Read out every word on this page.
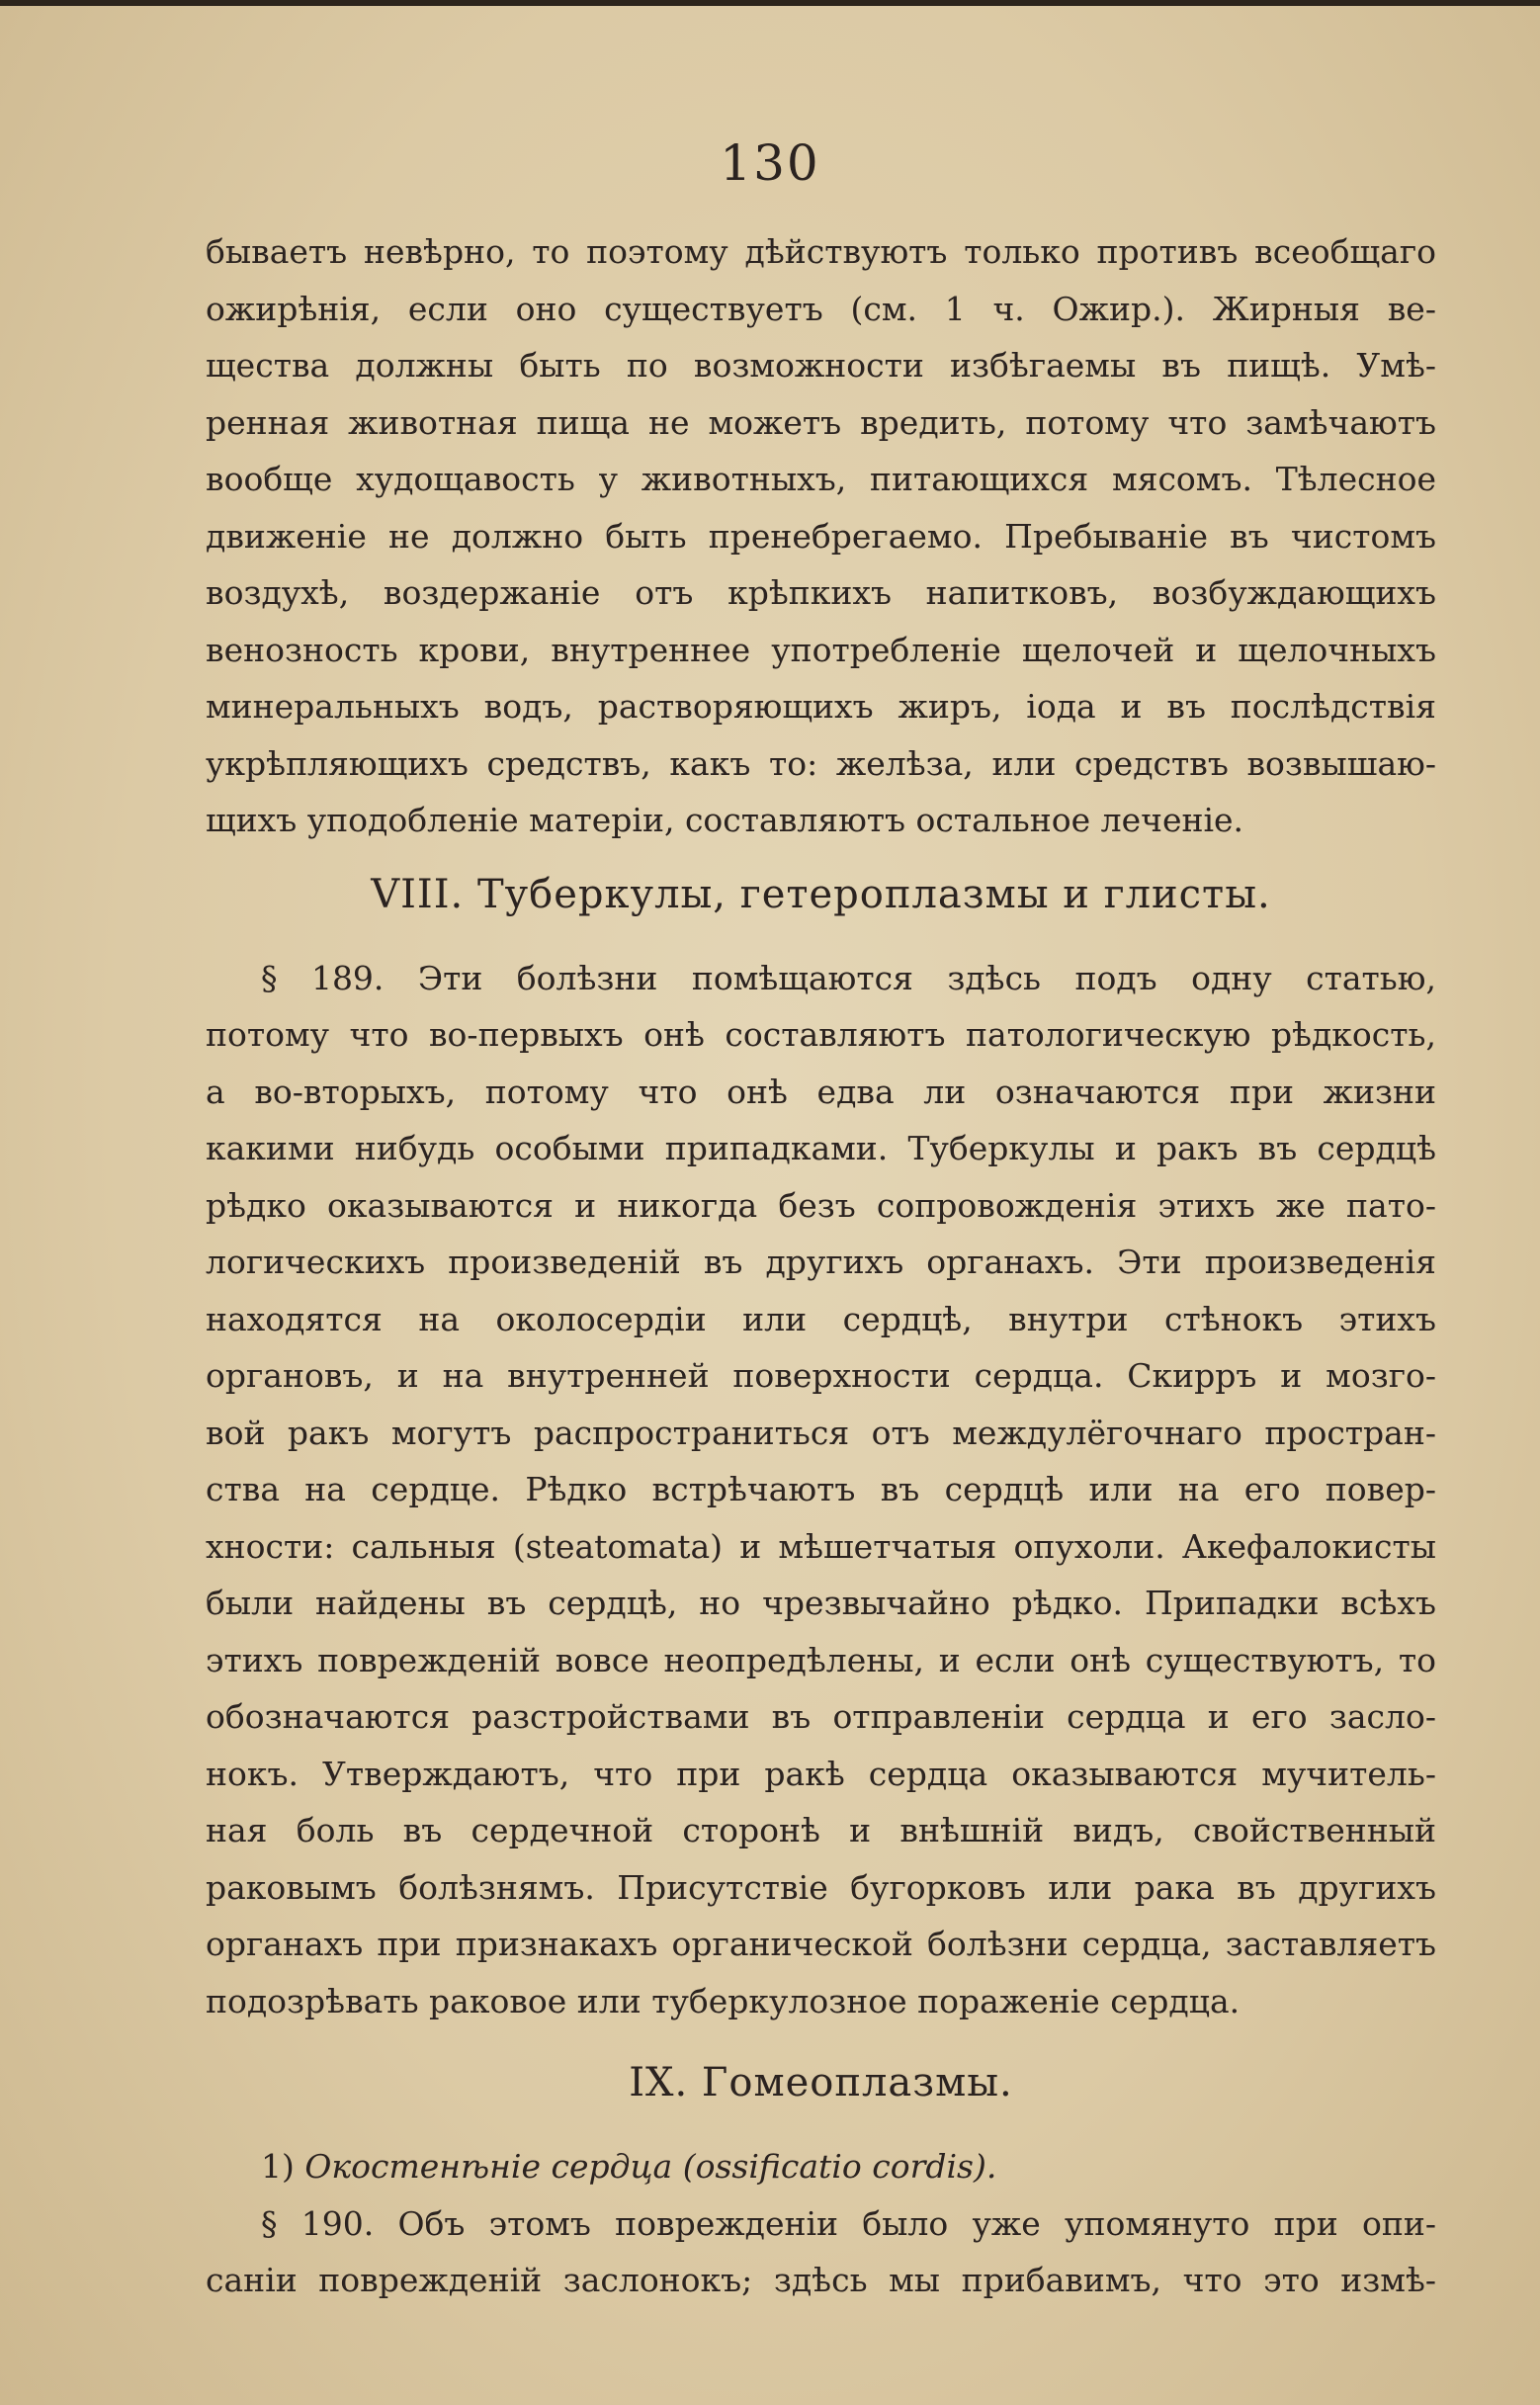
130
бываетъ невѣрно, то поэтому дѣйствуютъ только противъ всеобщаго
ожирѣнія, если оно существуетъ (см. 1 ч. Ожир.). Жирныя ве-
щества должны быть по возможности избѣгаемы въ пищѣ. Умѣ-
ренная животная пища не можетъ вредить, потому что замѣчаютъ
вообще худощавость у животныхъ, питающихся мясомъ. Тѣлесное
движеніе не должно быть пренебрегаемо. Пребываніе въ чистомъ
воздухѣ, воздержаніе отъ крѣпкихъ напитковъ, возбуждающихъ
венозность крови, внутреннее употребленіе щелочей и щелочныхъ
минеральныхъ водъ, растворяющихъ жиръ, іода и въ послѣдствія
укрѣпляющихъ средствъ, какъ то: желѣза, или средствъ возвышаю-
щихъ уподобленіе матеріи, составляютъ остальное леченіе.
VIII. Туберкулы, гетероплазмы и глисты.
§ 189. Эти болѣзни помѣщаются здѣсь подъ одну статью,
потому что во-первыхъ онѣ составляютъ патологическую рѣдкость,
а во-вторыхъ, потому что онѣ едва ли означаются при жизни
какими нибудь особыми припадками. Туберкулы и ракъ въ сердцѣ
рѣдко оказываются и никогда безъ сопровожденія этихъ же пато-
логическихъ произведеній въ другихъ органахъ. Эти произведенія
находятся на околосердіи или сердцѣ, внутри стѣнокъ этихъ
органовъ, и на внутренней поверхности сердца. Скирръ и мозго-
вой ракъ могутъ распространиться отъ междулёгочнаго простран-
ства на сердце. Рѣдко встрѣчаютъ въ сердцѣ или на его повер-
хности: сальныя (steatomata) и мѣшетчатыя опухоли. Акефалокисты
были найдены въ сердцѣ, но чрезвычайно рѣдко. Припадки всѣхъ
этихъ поврежденій вовсе неопредѣлены, и если онѣ существуютъ, то
обозначаются разстройствами въ отправленіи сердца и его засло-
нокъ. Утверждаютъ, что при ракѣ сердца оказываются мучитель-
ная боль въ сердечной сторонѣ и внѣшній видъ, свойственный
раковымъ болѣзнямъ. Присутствіе бугорковъ или рака въ другихъ
органахъ при признакахъ органической болѣзни сердца, заставляетъ
подозрѣвать раковое или туберкулозное пораженіе сердца.
IX. Гомеоплазмы.
1) Окостенѣніе сердца (ossificatio cordis).
§ 190. Объ этомъ поврежденіи было уже упомянуто при опи-
саніи поврежденій заслонокъ; здѣсь мы прибавимъ, что это измѣ-
